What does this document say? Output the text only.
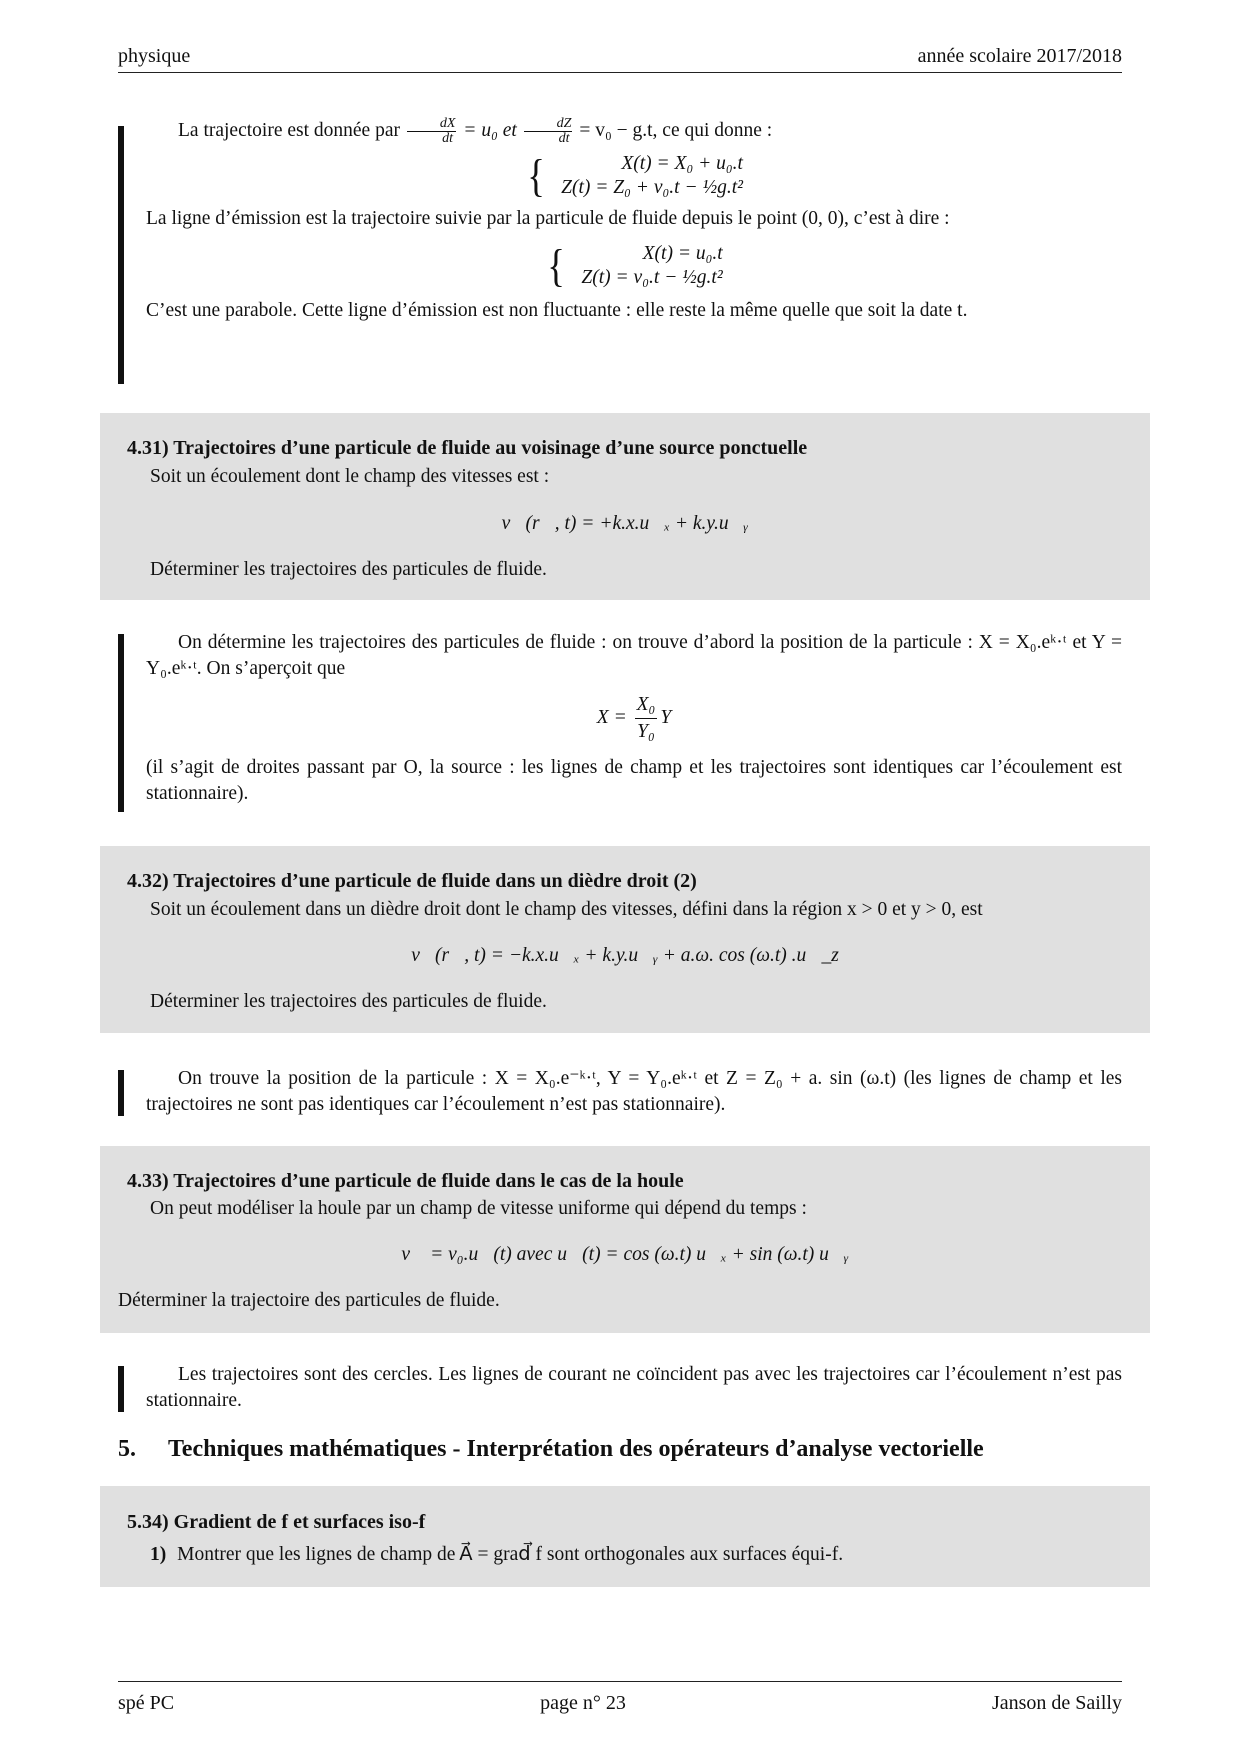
physique	année scolaire 2017/2018

La trajectoire est donnée par $\frac{dX}{dt} = u_0$ et $\frac{dZ}{dt} = v_0 - g.t$, ce qui donne :

{	X(t) = X₀ + u₀.t
Z(t) = Z₀ + v₀.t − ½g.t²

La ligne d’émission est la trajectoire suivie par la particule de fluide depuis le point (0, 0), c’est à dire :

{	X(t) = u₀.t
Z(t) = v₀.t − ½g.t²

C’est une parabole. Cette ligne d’émission est non fluctuante : elle reste la même quelle que soit la date t.

4.31) Trajectoires d’une particule de fluide au voisinage d’une source ponctuelle
Soit un écoulement dont le champ des vitesses est :
v⃗(r⃗, t) = +k.x.u⃗ₓ + k.y.u⃗ᵧ
Déterminer les trajectoires des particules de fluide.

On détermine les trajectoires des particules de fluide : on trouve d’abord la position de la particule : X = X₀.eᵏ·ᵗ et Y = Y₀.eᵏ·ᵗ. On s’aperçoit que

$X = \frac{\text{X₀}}{\text{Y₀}}$ Y

(il s’agit de droites passant par O, la source : les lignes de champ et les trajectoires sont identiques car l’écoulement est stationnaire).

4.32) Trajectoires d’une particule de fluide dans un dièdre droit (2)
Soit un écoulement dans un dièdre droit dont le champ des vitesses, défini dans la région x > 0 et y > 0, est
v⃗(r⃗, t) = −k.x.u⃗ₓ + k.y.u⃗ᵧ + a.ω. cos (ω.t) .u⃗_z
Déterminer les trajectoires des particules de fluide.

On trouve la position de la particule : X = X₀.e⁻ᵏ·ᵗ, Y = Y₀.eᵏ·ᵗ et Z = Z₀ + a. sin (ω.t) (les lignes de champ et les trajectoires ne sont pas identiques car l’écoulement n’est pas stationnaire).

4.33) Trajectoires d’une particule de fluide dans le cas de la houle
On peut modéliser la houle par un champ de vitesse uniforme qui dépend du temps :
v⃗ = v₀.u⃗(t) avec u⃗(t) = cos (ω.t) u⃗ₓ + sin (ω.t) u⃗ᵧ
Déterminer la trajectoire des particules de fluide.

Les trajectoires sont des cercles. Les lignes de courant ne coïncident pas avec les trajectoires car l’écoulement n’est pas stationnaire.

5. Techniques mathématiques - Interprétation des opérateurs d’analyse vectorielle
5.34) Gradient de f et surfaces iso-f
1) Montrer que les lignes de champ de A⃗ = grad⃗ f sont orthogonales aux surfaces équi-f.
spé PC	page n° 23	Janson de Sailly
